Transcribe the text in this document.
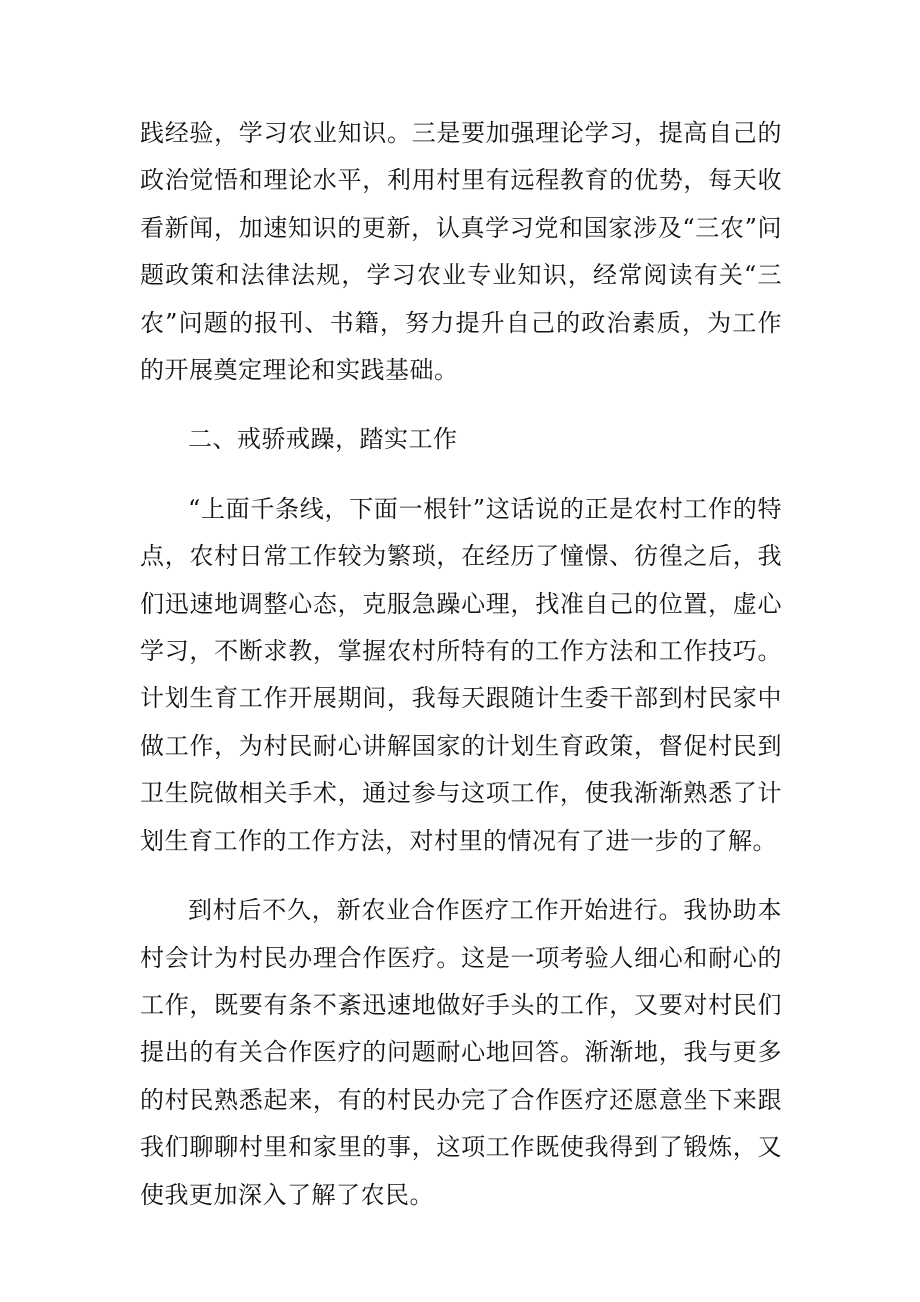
践经验，学习农业知识。三是要加强理论学习，提高自己的政治觉悟和理论水平，利用村里有远程教育的优势，每天收看新闻，加速知识的更新，认真学习党和国家涉及“三农”问题政策和法律法规，学习农业专业知识，经常阅读有关“三农”问题的报刊、书籍，努力提升自己的政治素质，为工作的开展奠定理论和实践基础。

二、戒骄戒躁，踏实工作

“上面千条线，下面一根针”这话说的正是农村工作的特点，农村日常工作较为繁琐，在经历了憧憬、彷徨之后，我们迅速地调整心态，克服急躁心理，找准自己的位置，虚心学习，不断求教，掌握农村所特有的工作方法和工作技巧。计划生育工作开展期间，我每天跟随计生委干部到村民家中做工作，为村民耐心讲解国家的计划生育政策，督促村民到卫生院做相关手术，通过参与这项工作，使我渐渐熟悉了计划生育工作的工作方法，对村里的情况有了进一步的了解。

到村后不久，新农业合作医疗工作开始进行。我协助本村会计为村民办理合作医疗。这是一项考验人细心和耐心的工作，既要有条不紊迅速地做好手头的工作，又要对村民们提出的有关合作医疗的问题耐心地回答。渐渐地，我与更多的村民熟悉起来，有的村民办完了合作医疗还愿意坐下来跟我们聊聊村里和家里的事，这项工作既使我得到了锻炼，又使我更加深入了解了农民。
